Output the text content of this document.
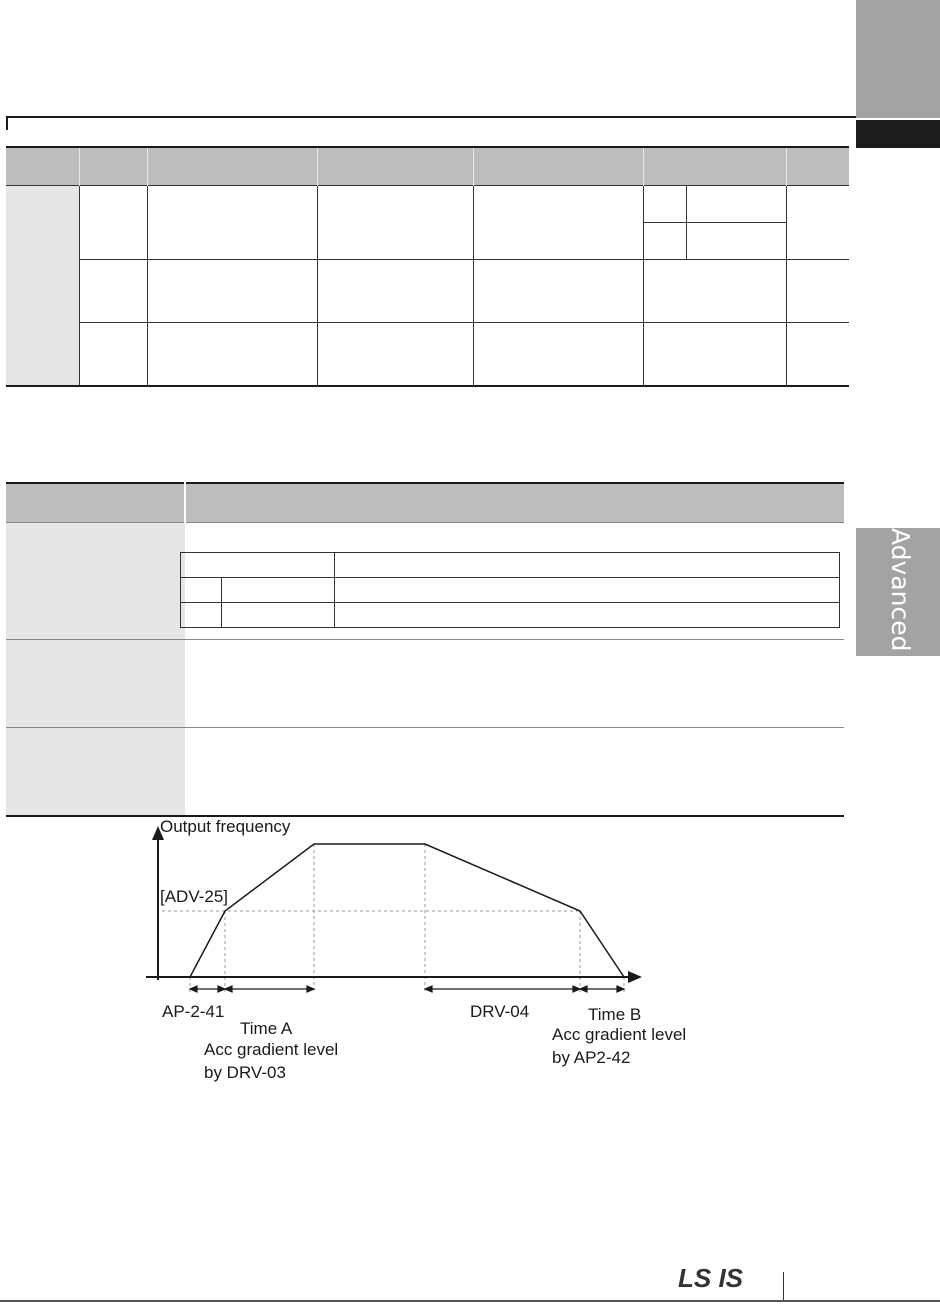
Advanced Features

Output frequency
[ADV-25]
AP-2-41
Time A
Acc gradient level
by DRV-03
DRV-04	Time B
Acc gradient level
by AP2-42
LS IS
